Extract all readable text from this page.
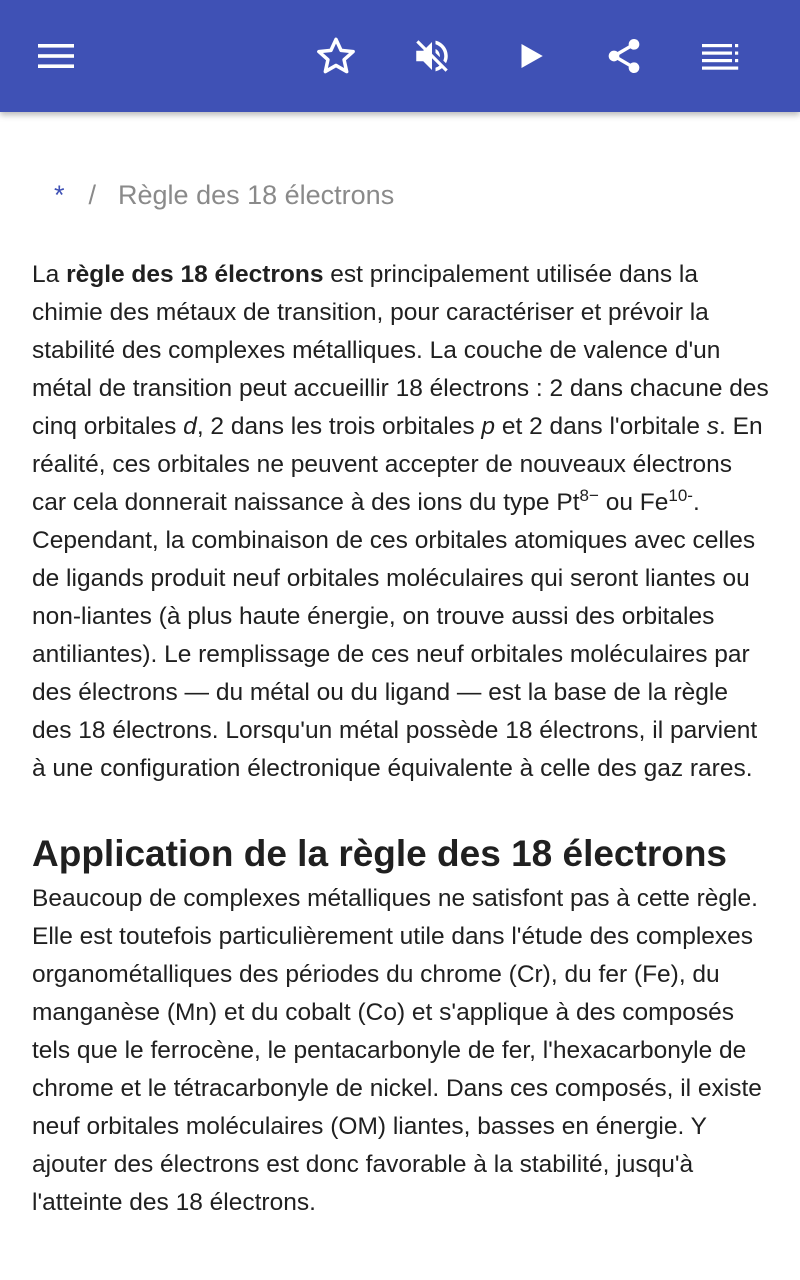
* / Règle des 18 électrons

La règle des 18 électrons est principalement utilisée dans la chimie des métaux de transition, pour caractériser et prévoir la stabilité des complexes métalliques. La couche de valence d'un métal de transition peut accueillir 18 électrons : 2 dans chacune des cinq orbitales d, 2 dans les trois orbitales p et 2 dans l'orbitale s. En réalité, ces orbitales ne peuvent accepter de nouveaux électrons car cela donnerait naissance à des ions du type $Pt^{8-}$ ou $Fe^{10-}$. Cependant, la combinaison de ces orbitales atomiques avec celles de ligands produit neuf orbitales moléculaires qui seront liantes ou non-liantes (à plus haute énergie, on trouve aussi des orbitales antiliantes). Le remplissage de ces neuf orbitales moléculaires par des électrons — du métal ou du ligand — est la base de la règle des 18 électrons. Lorsqu'un métal possède 18 électrons, il parvient à une configuration électronique équivalente à celle des gaz rares.

Application de la règle des 18 électrons

Beaucoup de complexes métalliques ne satisfont pas à cette règle. Elle est toutefois particulièrement utile dans l'étude des complexes organométalliques des périodes du chrome (Cr), du fer (Fe), du manganèse (Mn) et du cobalt (Co) et s'applique à des composés tels que le ferrocène, le pentacarbonyle de fer, l'hexacarbonyle de chrome et le tétracarbonyle de nickel. Dans ces composés, il existe neuf orbitales moléculaires (OM) liantes, basses en énergie. Y ajouter des électrons est donc favorable à la stabilité, jusqu'à l'atteinte des 18 électrons.
